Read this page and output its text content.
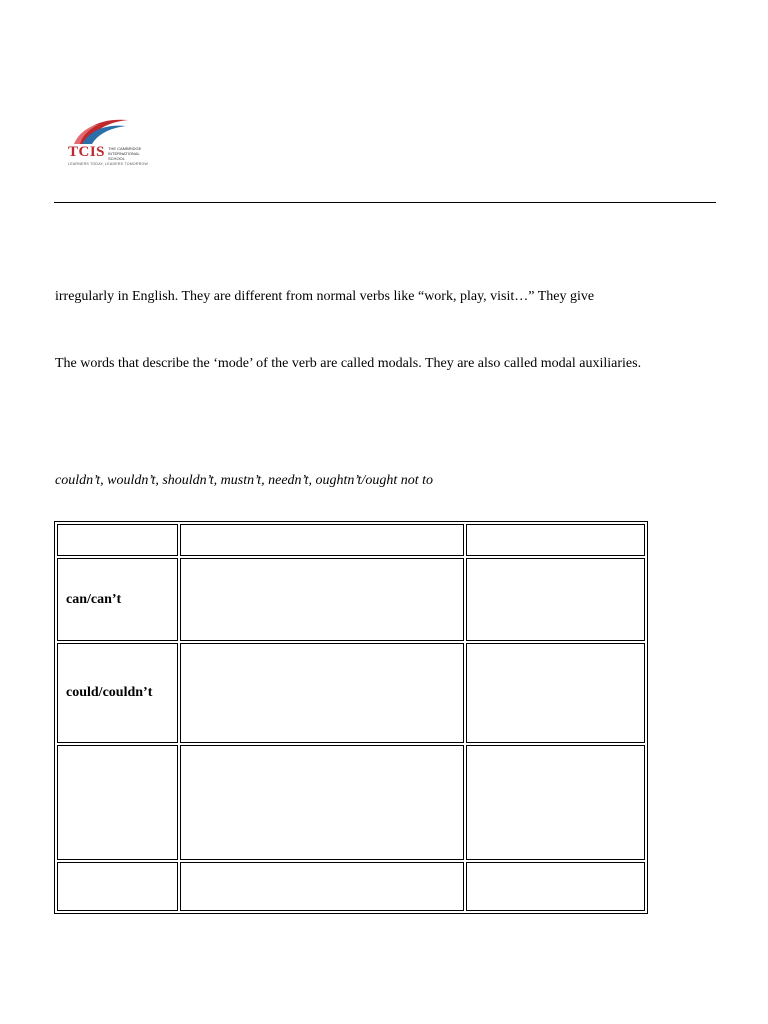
TCIS THE CAMBRIDGE INTERNATIONAL SCHOOL
LEARNERS TODAY, LEADERS TOMORROW
irregularly in English. They are different from normal verbs like “work, play, visit…” They give
The words that describe the ‘mode’ of the verb are called modals. They are also called modal auxiliaries.
couldn’t, wouldn’t, shouldn’t, mustn’t, needn’t, oughtn’t/ought not to

can/can’t		
could/couldn’t		
